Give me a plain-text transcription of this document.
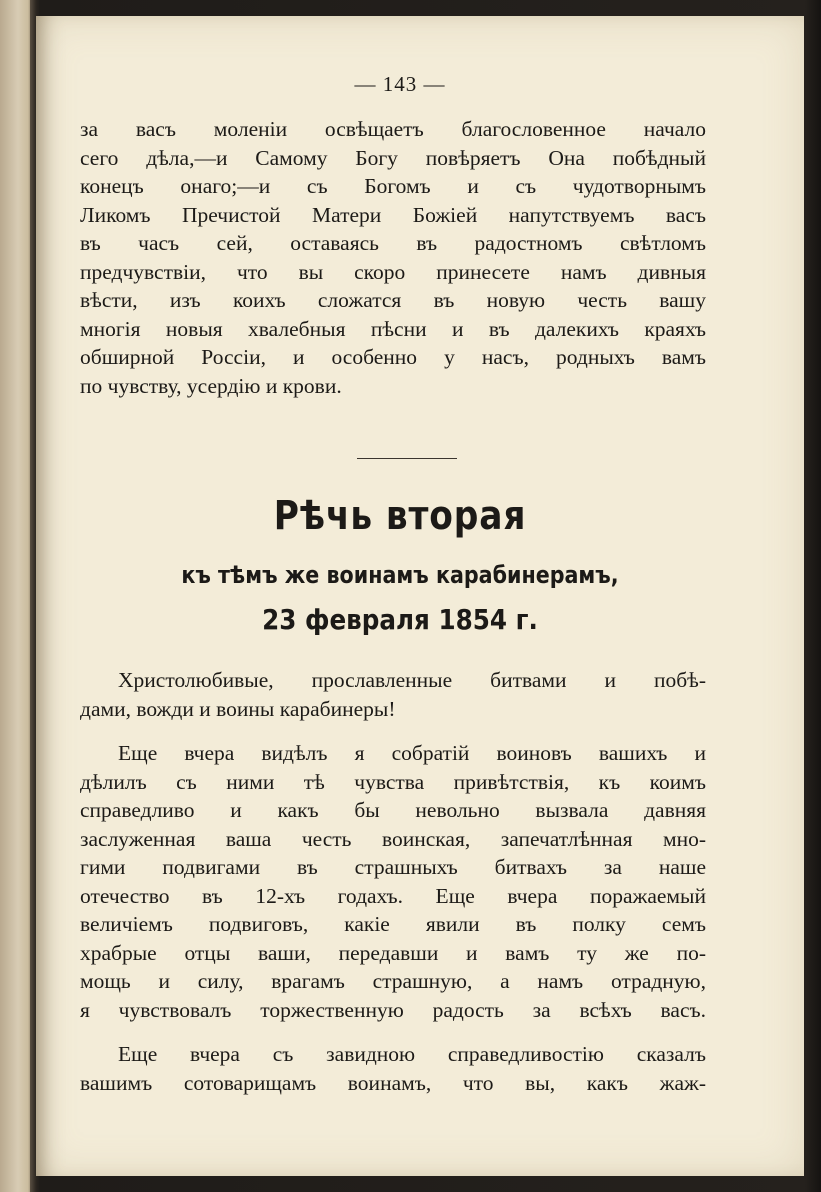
— 143 —
за васъ моленіи освѣщаетъ благословенное начало
сего дѣла,—и Самому Богу повѣряетъ Она побѣдный
конецъ онаго;—и съ Богомъ и съ чудотворнымъ
Ликомъ Пречистой Матери Божіей напутствуемъ васъ
въ часъ сей, оставаясь въ радостномъ свѣтломъ
предчувствіи, что вы скоро принесете намъ дивныя
вѣсти, изъ коихъ сложатся въ новую честь вашу
многія новыя хвалебныя пѣсни и въ далекихъ краяхъ
обширной Россіи, и особенно у насъ, родныхъ вамъ
по чувству, усердію и крови.
Рѣчь вторая
къ тѣмъ же воинамъ карабинерамъ,
23 февраля 1854 г.
Христолюбивые, прославленные битвами и побѣ-
дами, вожди и воины карабинеры!
Еще вчера видѣлъ я собратій воиновъ вашихъ и
дѣлилъ съ ними тѣ чувства привѣтствія, къ коимъ
справедливо и какъ бы невольно вызвала давняя
заслуженная ваша честь воинская, запечатлѣнная мно-
гими подвигами въ страшныхъ битвахъ за наше
отечество въ 12-хъ годахъ. Еще вчера поражаемый
величіемъ подвиговъ, какіе явили въ полку семъ
храбрые отцы ваши, передавши и вамъ ту же по-
мощь и силу, врагамъ страшную, а намъ отрадную,
я чувствовалъ торжественную радость за всѣхъ васъ.
Еще вчера съ завидною справедливостію сказалъ
вашимъ сотоварищамъ воинамъ, что вы, какъ жаж-
